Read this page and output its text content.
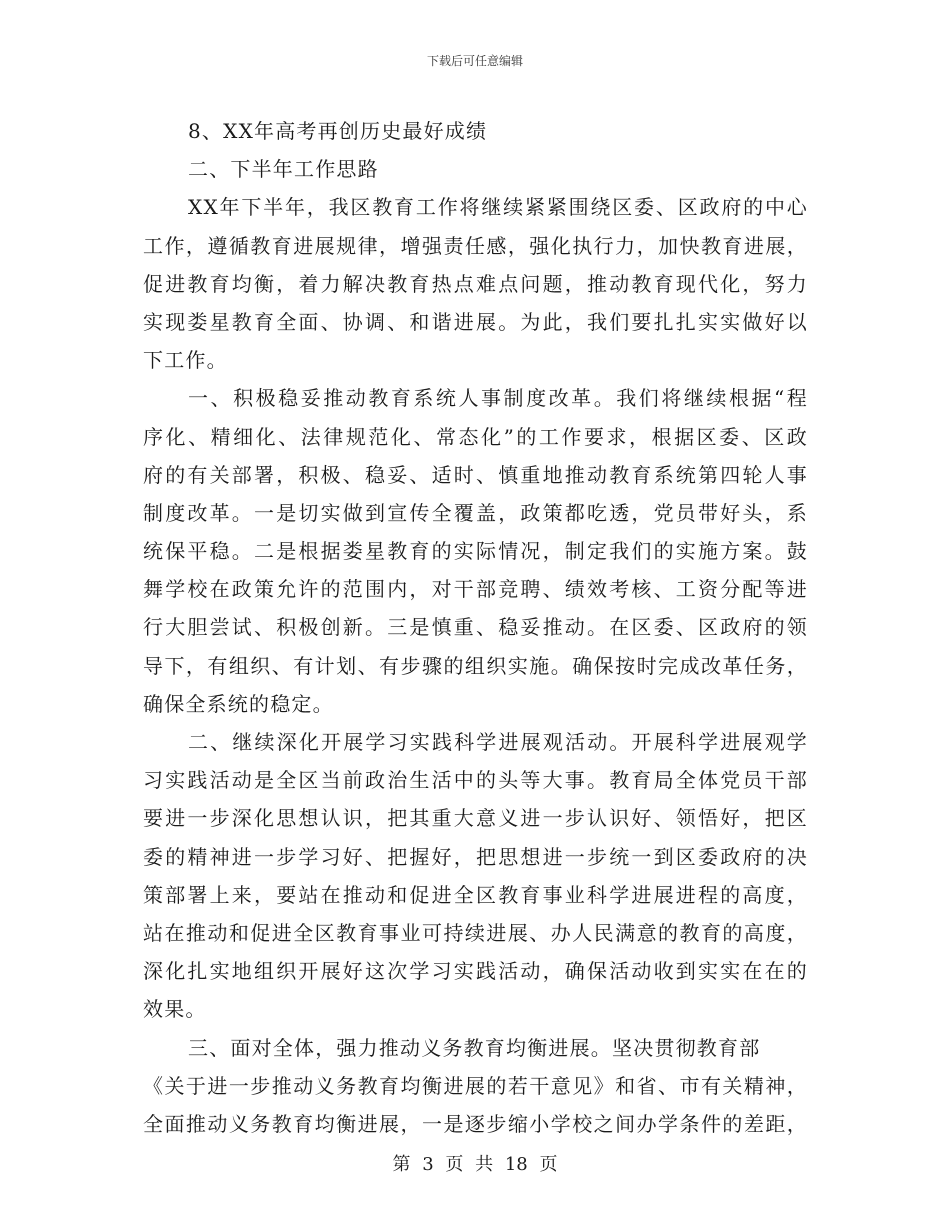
下载后可任意编辑
8、XX年高考再创历史最好成绩
二、下半年工作思路
XX年下半年，我区教育工作将继续紧紧围绕区委、区政府的中心
工作，遵循教育进展规律，增强责任感，强化执行力，加快教育进展，
促进教育均衡，着力解决教育热点难点问题，推动教育现代化，努力
实现娄星教育全面、协调、和谐进展。为此，我们要扎扎实实做好以
下工作。
一、积极稳妥推动教育系统人事制度改革。我们将继续根据“程
序化、精细化、法律规范化、常态化”的工作要求，根据区委、区政
府的有关部署，积极、稳妥、适时、慎重地推动教育系统第四轮人事
制度改革。一是切实做到宣传全覆盖，政策都吃透，党员带好头，系
统保平稳。二是根据娄星教育的实际情况，制定我们的实施方案。鼓
舞学校在政策允许的范围内，对干部竞聘、绩效考核、工资分配等进
行大胆尝试、积极创新。三是慎重、稳妥推动。在区委、区政府的领
导下，有组织、有计划、有步骤的组织实施。确保按时完成改革任务，
确保全系统的稳定。
二、继续深化开展学习实践科学进展观活动。开展科学进展观学
习实践活动是全区当前政治生活中的头等大事。教育局全体党员干部
要进一步深化思想认识，把其重大意义进一步认识好、领悟好，把区
委的精神进一步学习好、把握好，把思想进一步统一到区委政府的决
策部署上来，要站在推动和促进全区教育事业科学进展进程的高度，
站在推动和促进全区教育事业可持续进展、办人民满意的教育的高度，
深化扎实地组织开展好这次学习实践活动，确保活动收到实实在在的
效果。
三、面对全体，强力推动义务教育均衡进展。坚决贯彻教育部
《关于进一步推动义务教育均衡进展的若干意见》和省、市有关精神，
全面推动义务教育均衡进展，一是逐步缩小学校之间办学条件的差距，
第 3 页 共 18 页
